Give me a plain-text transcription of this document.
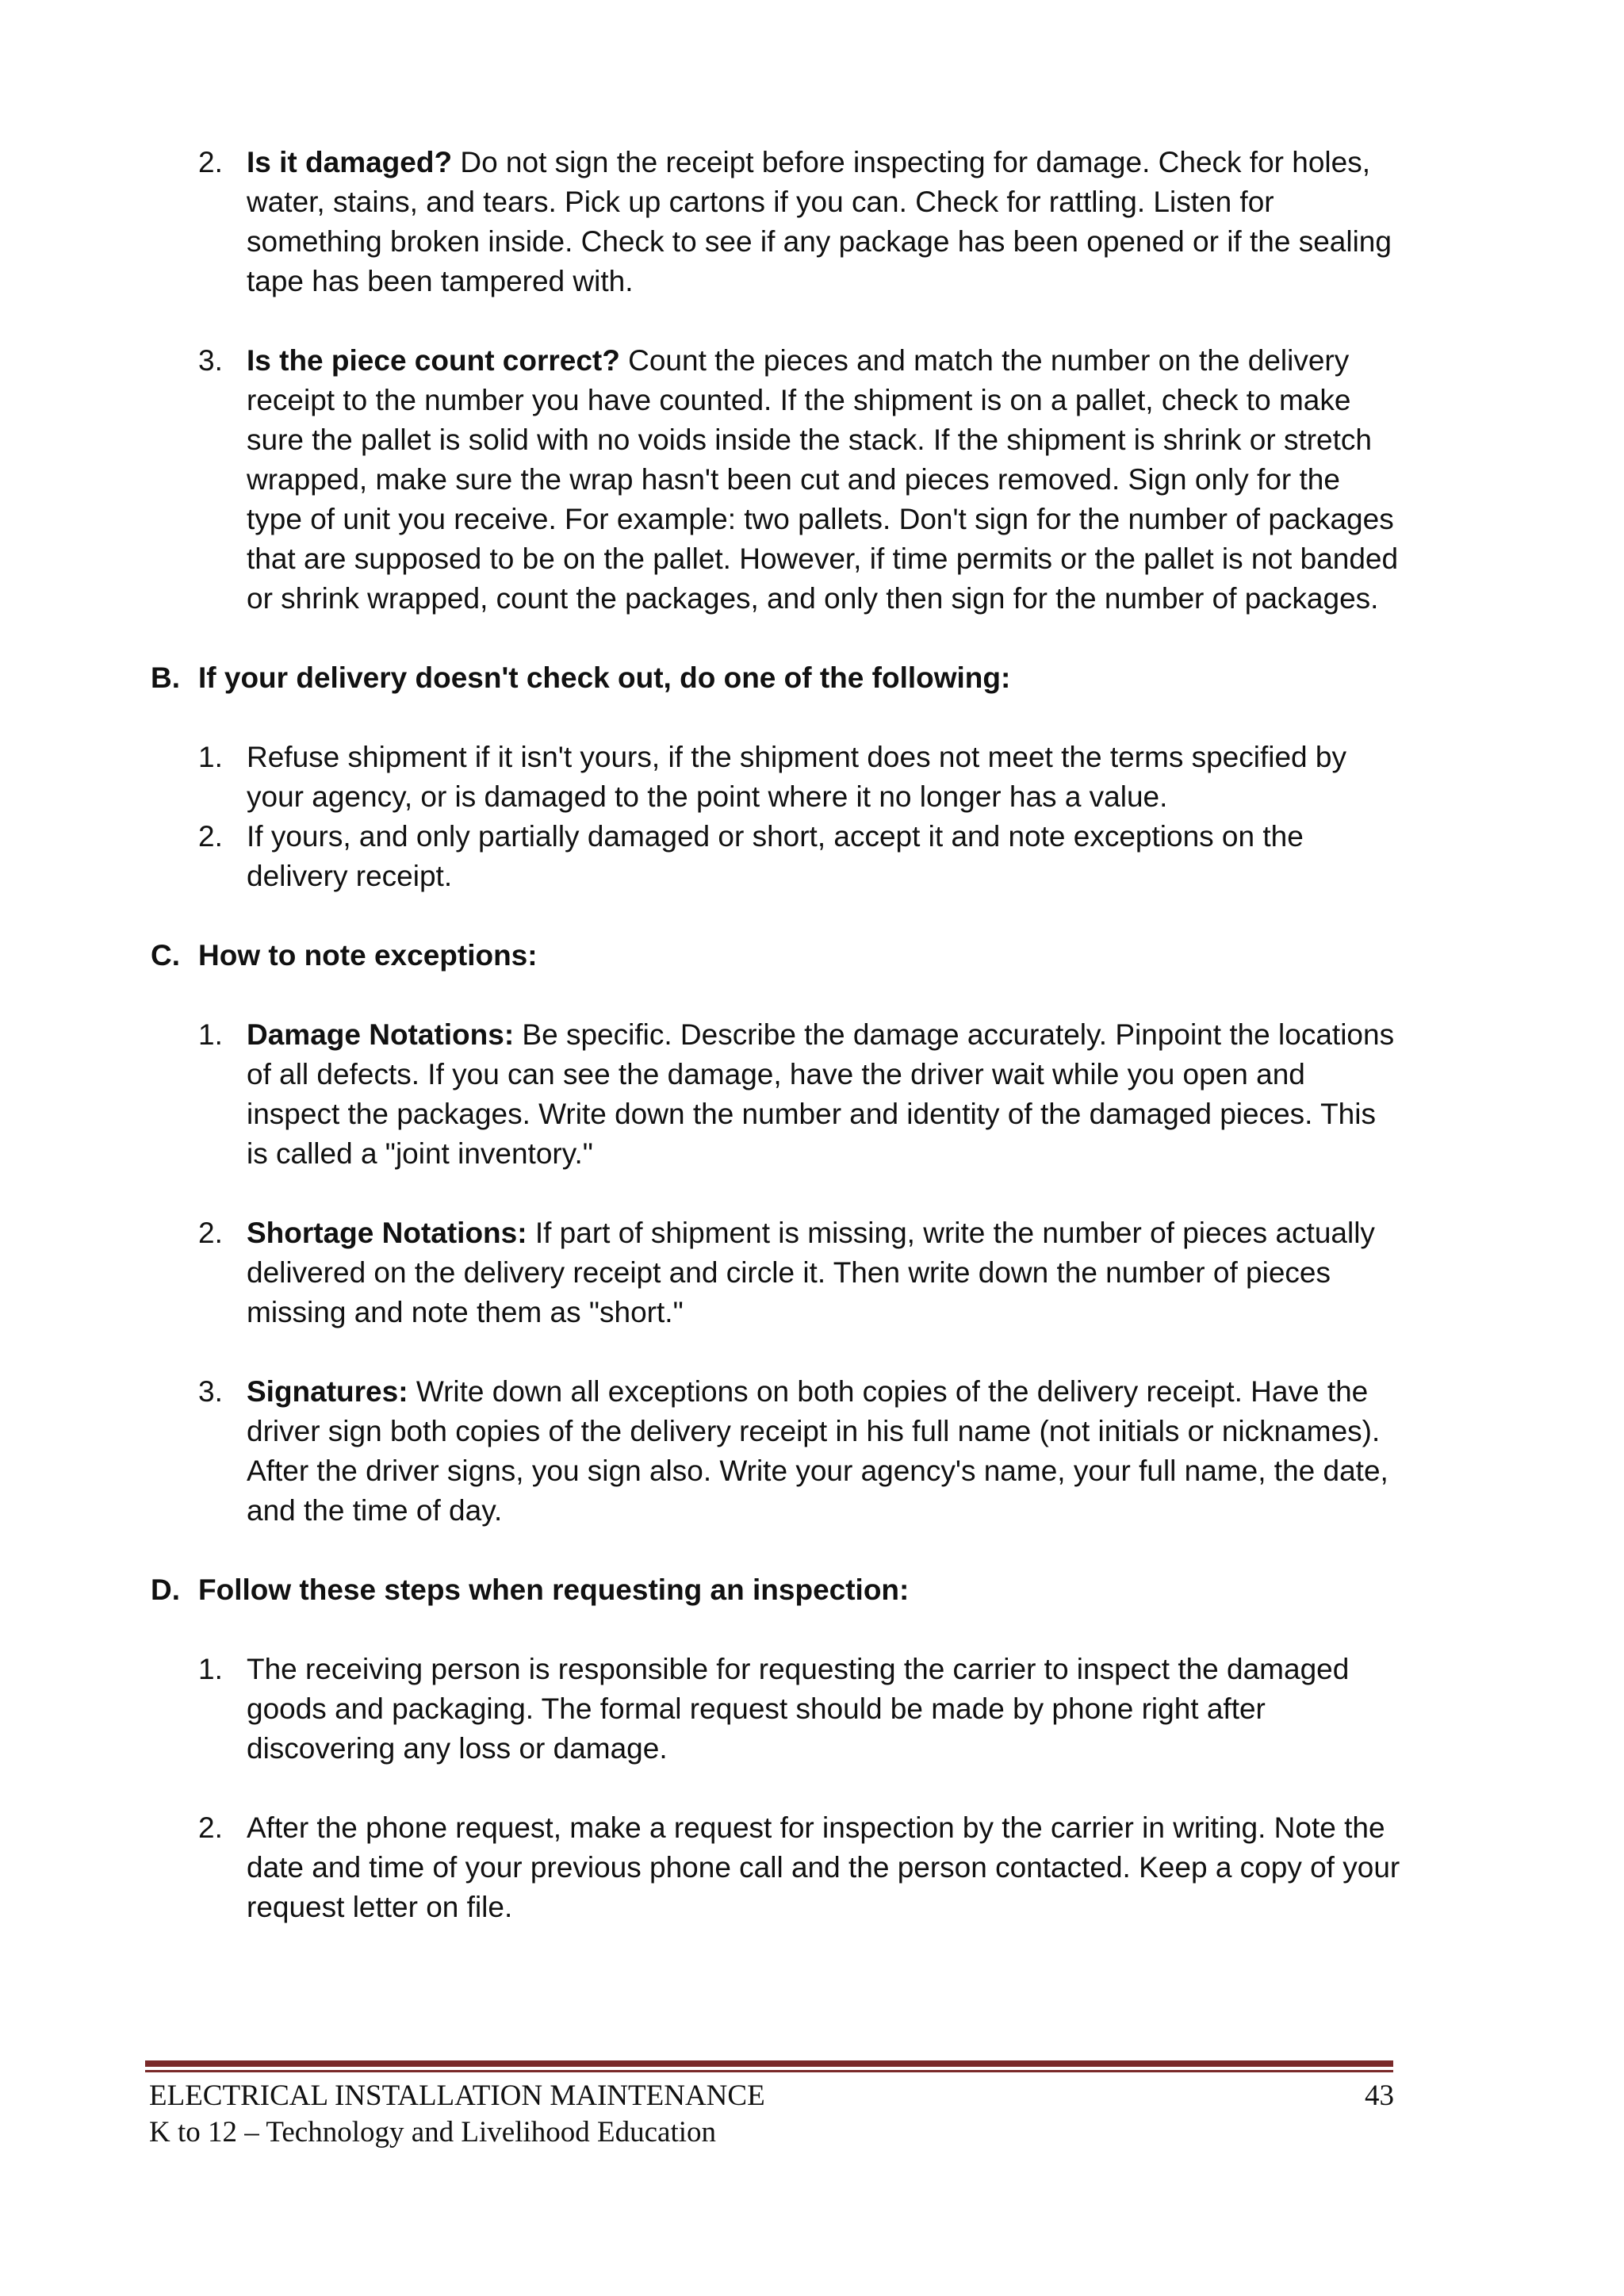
2. Is it damaged? Do not sign the receipt before inspecting for damage. Check for holes, water, stains, and tears. Pick up cartons if you can. Check for rattling. Listen for something broken inside. Check to see if any package has been opened or if the sealing tape has been tampered with.
3. Is the piece count correct? Count the pieces and match the number on the delivery receipt to the number you have counted. If the shipment is on a pallet, check to make sure the pallet is solid with no voids inside the stack. If the shipment is shrink or stretch wrapped, make sure the wrap hasn't been cut and pieces removed. Sign only for the type of unit you receive. For example: two pallets. Don't sign for the number of packages that are supposed to be on the pallet. However, if time permits or the pallet is not banded or shrink wrapped, count the packages, and only then sign for the number of packages.
B. If your delivery doesn't check out, do one of the following:
1. Refuse shipment if it isn't yours, if the shipment does not meet the terms specified by your agency, or is damaged to the point where it no longer has a value.
2. If yours, and only partially damaged or short, accept it and note exceptions on the delivery receipt.
C. How to note exceptions:
1. Damage Notations: Be specific. Describe the damage accurately. Pinpoint the locations of all defects. If you can see the damage, have the driver wait while you open and inspect the packages. Write down the number and identity of the damaged pieces. This is called a "joint inventory."
2. Shortage Notations: If part of shipment is missing, write the number of pieces actually delivered on the delivery receipt and circle it. Then write down the number of pieces missing and note them as "short."
3. Signatures: Write down all exceptions on both copies of the delivery receipt. Have the driver sign both copies of the delivery receipt in his full name (not initials or nicknames). After the driver signs, you sign also. Write your agency's name, your full name, the date, and the time of day.
D. Follow these steps when requesting an inspection:
1. The receiving person is responsible for requesting the carrier to inspect the damaged goods and packaging. The formal request should be made by phone right after discovering any loss or damage.
2. After the phone request, make a request for inspection by the carrier in writing. Note the date and time of your previous phone call and the person contacted. Keep a copy of your request letter on file.
ELECTRICAL INSTALLATION MAINTENANCE	43
K to 12 – Technology and Livelihood Education
